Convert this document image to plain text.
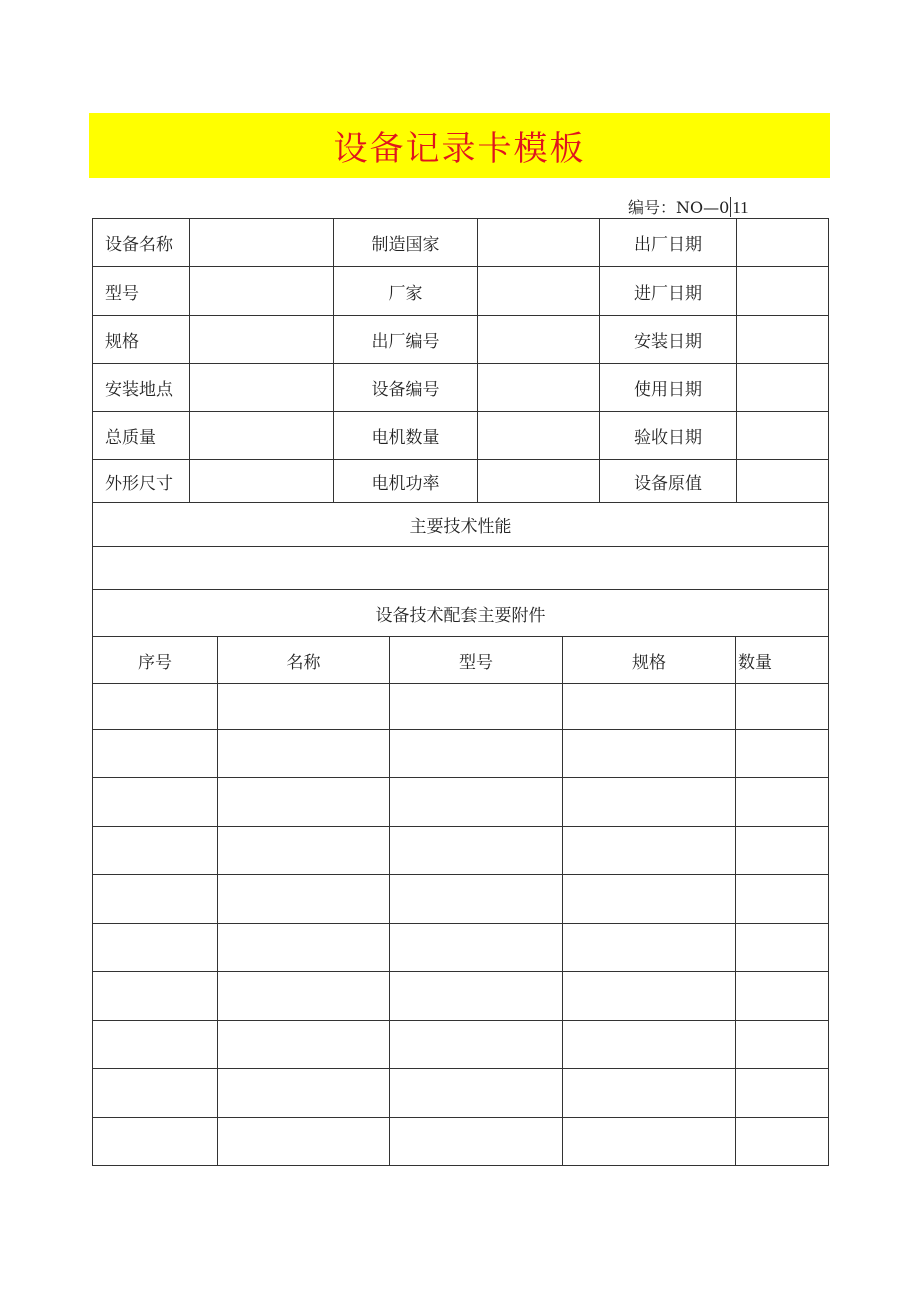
设备记录卡模板
编号：NO—0 11
设备名称		制造国家		出厂日期	
型号		厂家		进厂日期	
规格		出厂编号		安装日期	
安装地点		设备编号		使用日期	
总质量		电机数量		验收日期	
外形尺寸		电机功率		设备原值	
主要技术性能					

设备技术配套主要附件					
序号	名称	型号	规格	数量
